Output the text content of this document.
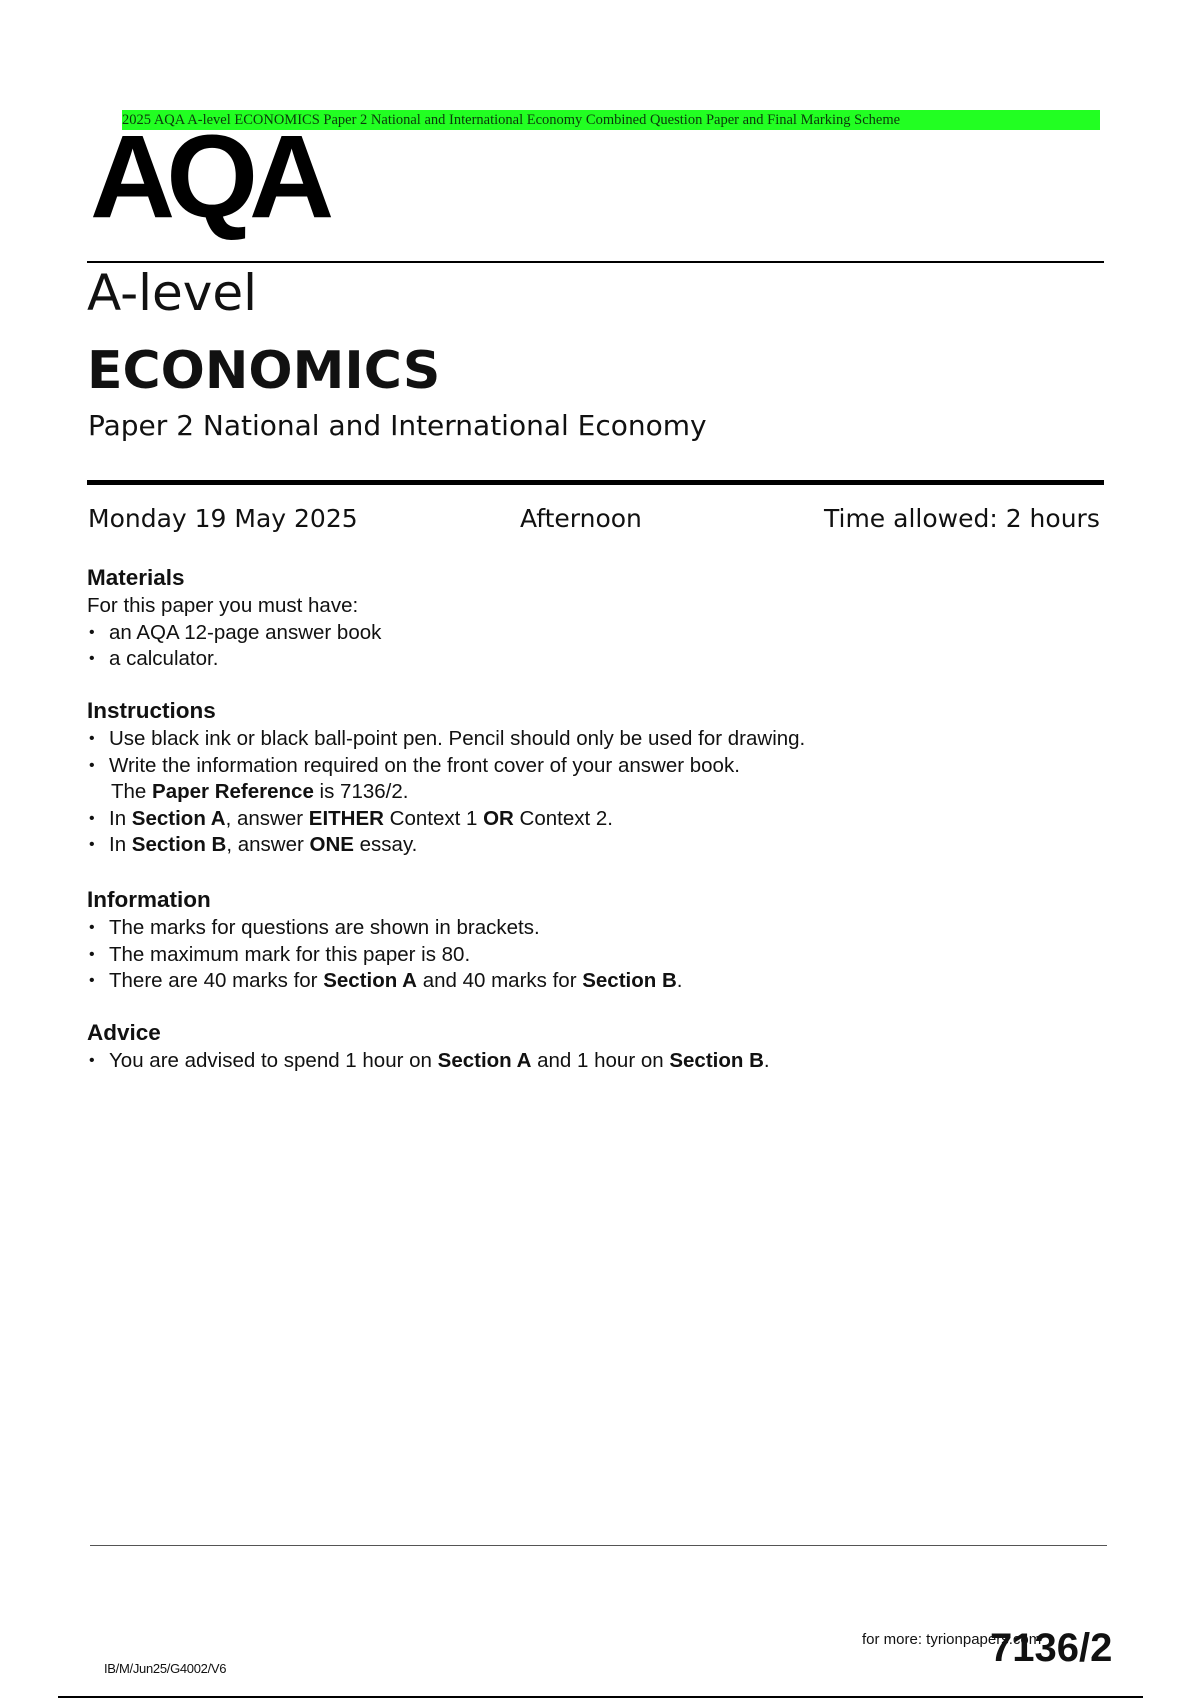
2025 AQA A-level ECONOMICS Paper 2 National and International Economy Combined Question Paper and Final Marking Scheme
AQA
A-level
ECONOMICS
Paper 2 National and International Economy
Monday 19 May 2025	Afternoon	Time allowed: 2 hours
Materials

For this paper you must have:

• an AQA 12-page answer book
• a calculator.
Instructions
• Use black ink or black ball-point pen. Pencil should only be used for drawing.
• Write the information required on the front cover of your answer book.
The Paper Reference is 7136/2.
• In Section A, answer EITHER Context 1 OR Context 2.
• In Section B, answer ONE essay.
Information
• The marks for questions are shown in brackets.
• The maximum mark for this paper is 80.
• There are 40 marks for Section A and 40 marks for Section B.
Advice
• You are advised to spend 1 hour on Section A and 1 hour on Section B.
IB/M/Jun25/G4002/V6
for more: tyrionpapers.com
7136/2
